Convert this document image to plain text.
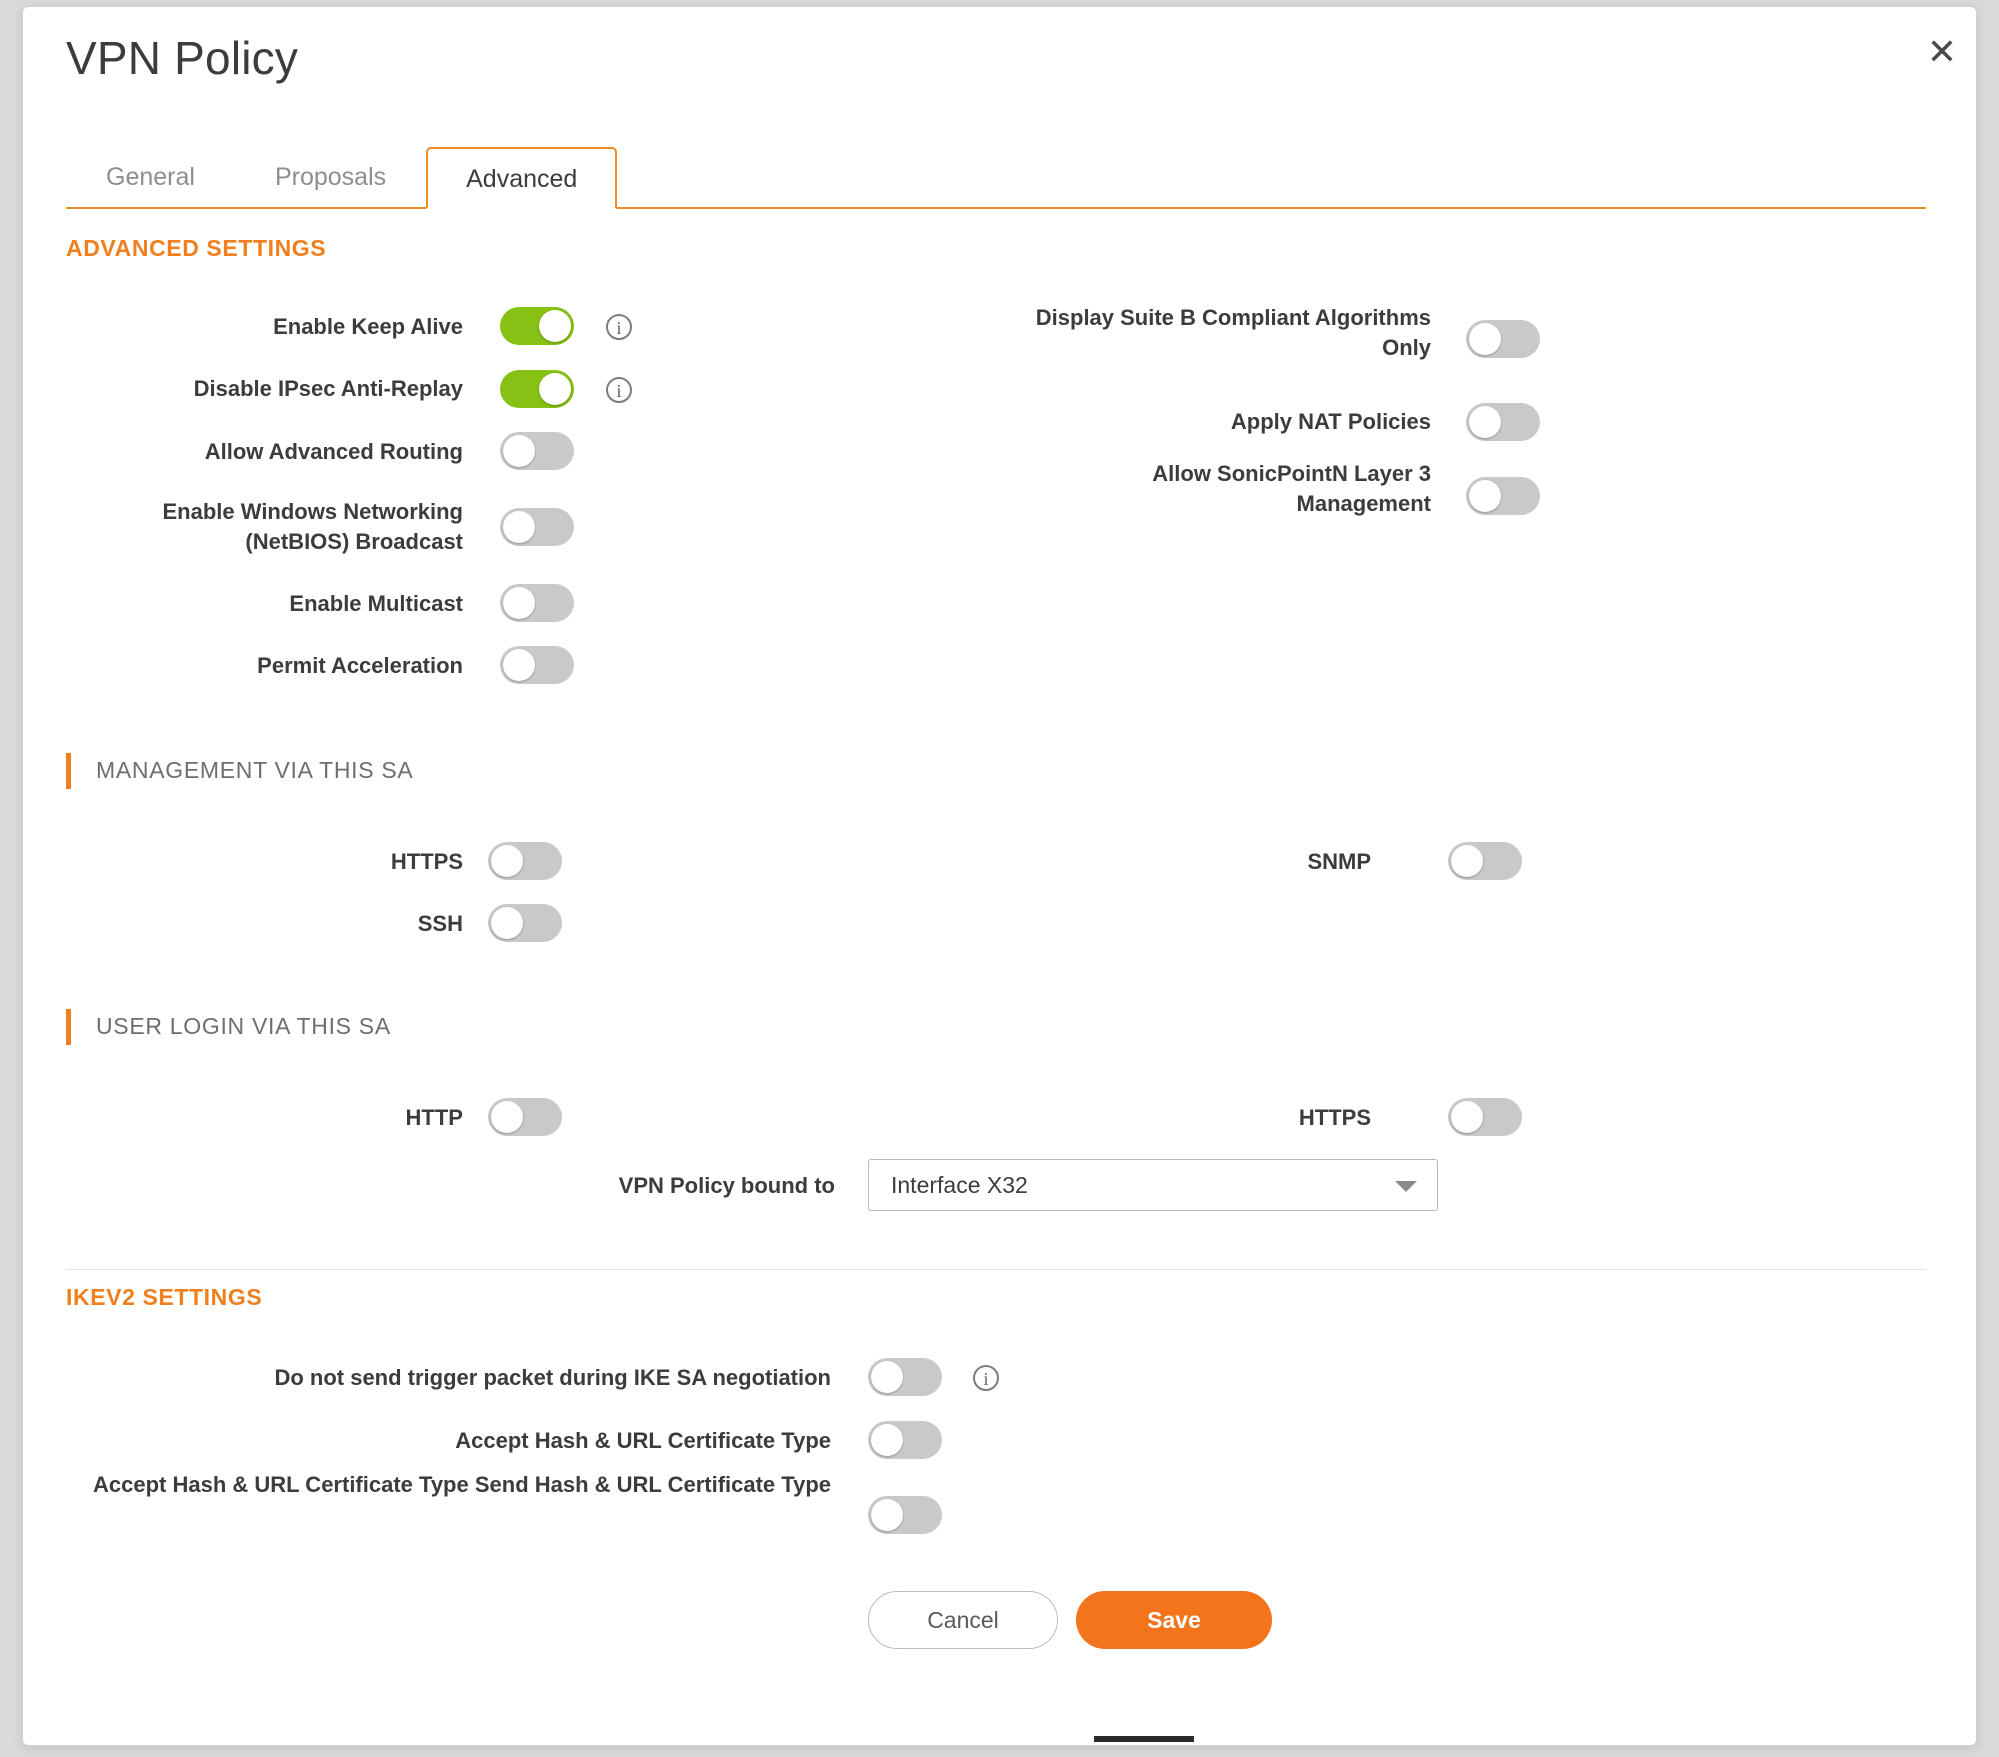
VPN Policy	✕
General	Proposals	Advanced
ADVANCED SETTINGS
Enable Keep Alive	i
Disable IPsec Anti-Replay	i
Allow Advanced Routing
Enable Windows Networking (NetBIOS) Broadcast
Enable Multicast
Permit Acceleration
Display Suite B Compliant Algorithms Only
Apply NAT Policies
Allow SonicPointN Layer 3 Management
MANAGEMENT VIA THIS SA
HTTPS
SSH
SNMP
USER LOGIN VIA THIS SA
HTTP	HTTPS
VPN Policy bound to	Interface X32
IKEV2 SETTINGS
Do not send trigger packet during IKE SA negotiation	i
Accept Hash & URL Certificate Type
Accept Hash & URL Certificate Type Send Hash & URL Certificate Type
Cancel	Save
